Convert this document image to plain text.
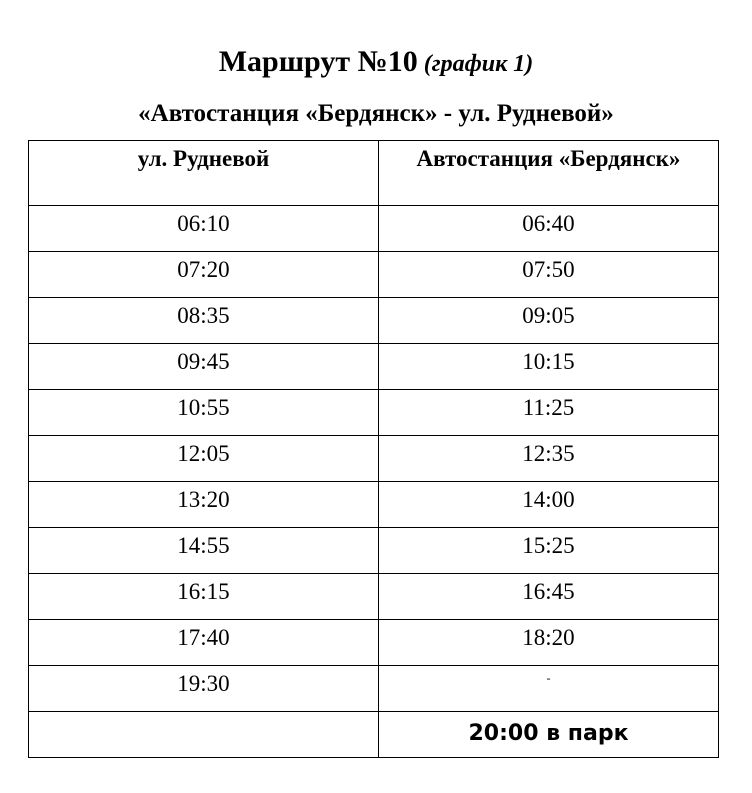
Маршрут №10 (график 1)
«Автостанция «Бердянск» - ул. Рудневой»
ул. Рудневой	Автостанция «Бердянск»
06:10	06:40
07:20	07:50
08:35	09:05
09:45	10:15
10:55	11:25
12:05	12:35
13:20	14:00
14:55	15:25
16:15	16:45
17:40	18:20
19:30	-
	20:00 в парк
